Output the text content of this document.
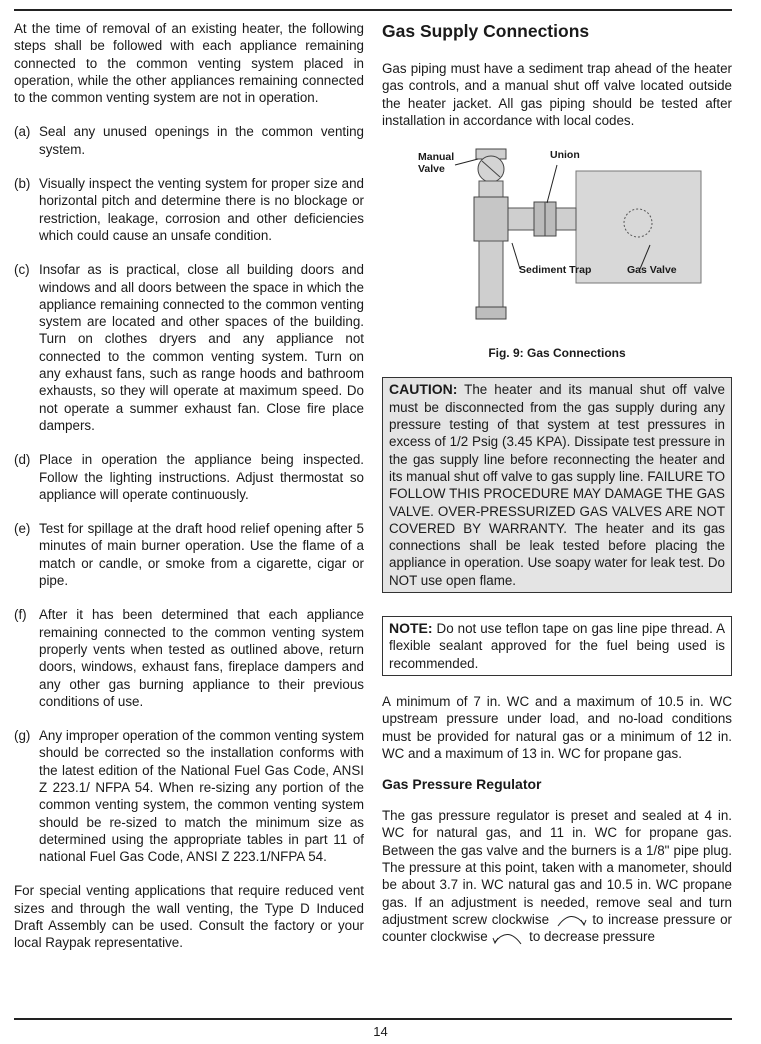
At the time of removal of an existing heater, the following steps shall be followed with each appliance remaining connected to the common venting system placed in operation, while the other appliances remaining connected to the common venting system are not in operation.

(a) Seal any unused openings in the common venting system.
(b) Visually inspect the venting system for proper size and horizontal pitch and determine there is no blockage or restriction, leakage, corrosion and other deficiencies which could cause an unsafe condition.
(c) Insofar as is practical, close all building doors and windows and all doors between the space in which the appliance remaining connected to the common venting system are located and other spaces of the building. Turn on clothes dryers and any appliance not connected to the common venting system. Turn on any exhaust fans, such as range hoods and bathroom exhausts, so they will operate at maximum speed. Do not operate a summer exhaust fan. Close fire place dampers.
(d) Place in operation the appliance being inspected. Follow the lighting instructions. Adjust thermostat so appliance will operate continuously.
(e) Test for spillage at the draft hood relief opening after 5 minutes of main burner operation. Use the flame of a match or candle, or smoke from a cigarette, cigar or pipe.
(f) After it has been determined that each appliance remaining connected to the common venting system properly vents when tested as outlined above, return doors, windows, exhaust fans, fireplace dampers and any other gas burning appliance to their previous conditions of use.
(g) Any improper operation of the common venting system should be corrected so the installation conforms with the latest edition of the National Fuel Gas Code, ANSI Z 223.1/ NFPA 54. When re-sizing any portion of the common venting system, the common venting system should be re-sized to match the minimum size as determined using the appropriate tables in part 11 of national Fuel Gas Code, ANSI Z 223.1/NFPA 54.

For special venting applications that require reduced vent sizes and through the wall venting, the Type D Induced Draft Assembly can be used. Consult the factory or your local Raypak representative.

Gas Supply Connections

Gas piping must have a sediment trap ahead of the heater gas controls, and a manual shut off valve located outside the heater jacket. All gas piping should be tested after installation in accordance with local codes.

Manual Valve
Union
Sediment Trap	Gas Valve
Fig. 9: Gas Connections

CAUTION: The heater and its manual shut off valve must be disconnected from the gas supply during any pressure testing of that system at test pressures in excess of 1/2 Psig (3.45 KPA). Dissipate test pressure in the gas supply line before reconnecting the heater and its manual shut off valve to gas supply line. FAILURE TO FOLLOW THIS PROCEDURE MAY DAMAGE THE GAS VALVE. OVER-PRESSURIZED GAS VALVES ARE NOT COVERED BY WARRANTY. The heater and its gas connections shall be leak tested before placing the appliance in operation. Use soapy water for leak test. Do NOT use open flame.

NOTE: Do not use teflon tape on gas line pipe thread. A flexible sealant approved for the fuel being used is recommended.

A minimum of 7 in. WC and a maximum of 10.5 in. WC upstream pressure under load, and no-load conditions must be provided for natural gas or a minimum of 12 in. WC and a maximum of 13 in. WC for propane gas.

Gas Pressure Regulator

The gas pressure regulator is preset and sealed at 4 in. WC for natural gas, and 11 in. WC for propane gas. Between the gas valve and the burners is a 1/8" pipe plug. The pressure at this point, taken with a manometer, should be about 3.7 in. WC natural gas and 10.5 in. WC propane gas. If an adjustment is needed, remove seal and turn adjustment screw clockwise	to increase pressure or counter clockwise	to decrease pressure

14
